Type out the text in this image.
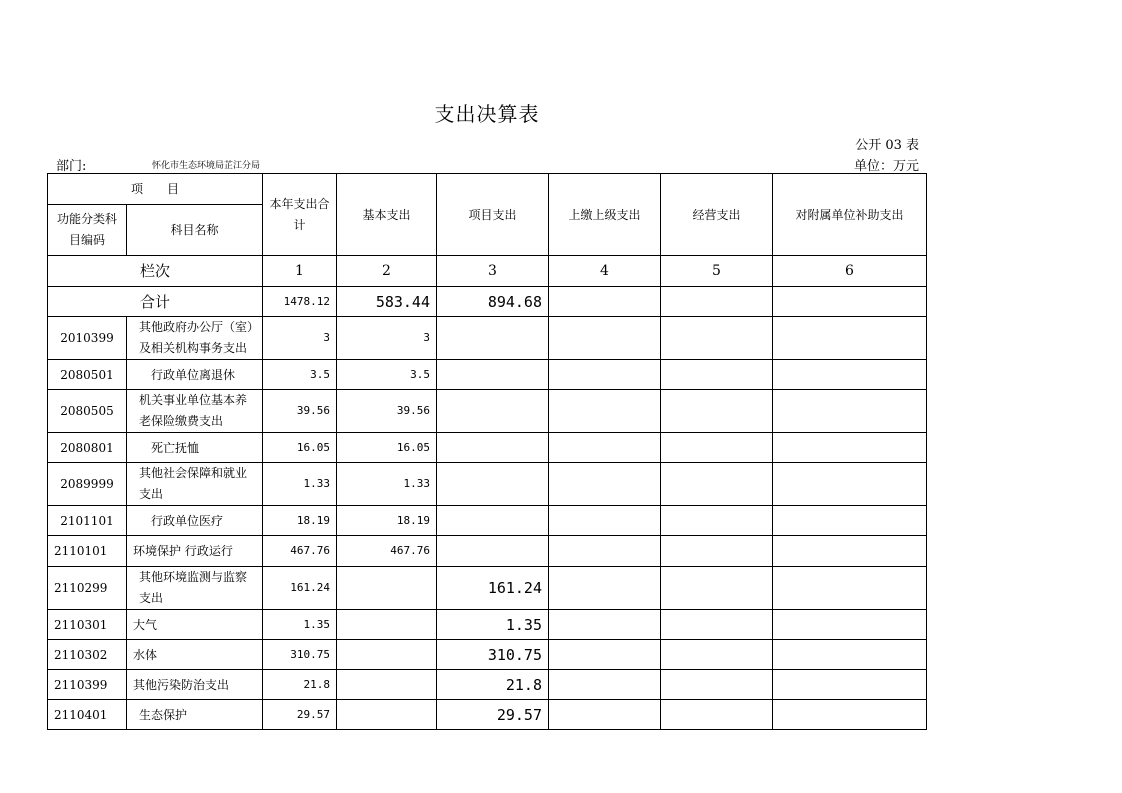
支出决算表
公开 03 表
部门:	怀化市生态环境局芷江分局	单位：万元
项　　目		本年支出合计	基本支出	项目支出	上缴上级支出	经营支出	对附属单位补助支出
功能分类科目编码	科目名称						
栏次		1	2	3	4	5	6
合计		1478.12	583.44	894.68			
2010399	其他政府办公厅（室）及相关机构事务支出	3	3				
2080501	行政单位离退休	3.5	3.5				
2080505	机关事业单位基本养老保险缴费支出	39.56	39.56				
2080801	死亡抚恤	16.05	16.05				
2089999	其他社会保障和就业支出	1.33	1.33				
2101101	行政单位医疗	18.19	18.19				
2110101	环境保护 行政运行	467.76	467.76				
2110299	其他环境监测与监察支出	161.24		161.24			
2110301	大气	1.35		1.35			
2110302	水体	310.75		310.75			
2110399	其他污染防治支出	21.8		21.8			
2110401	生态保护	29.57		29.57			
